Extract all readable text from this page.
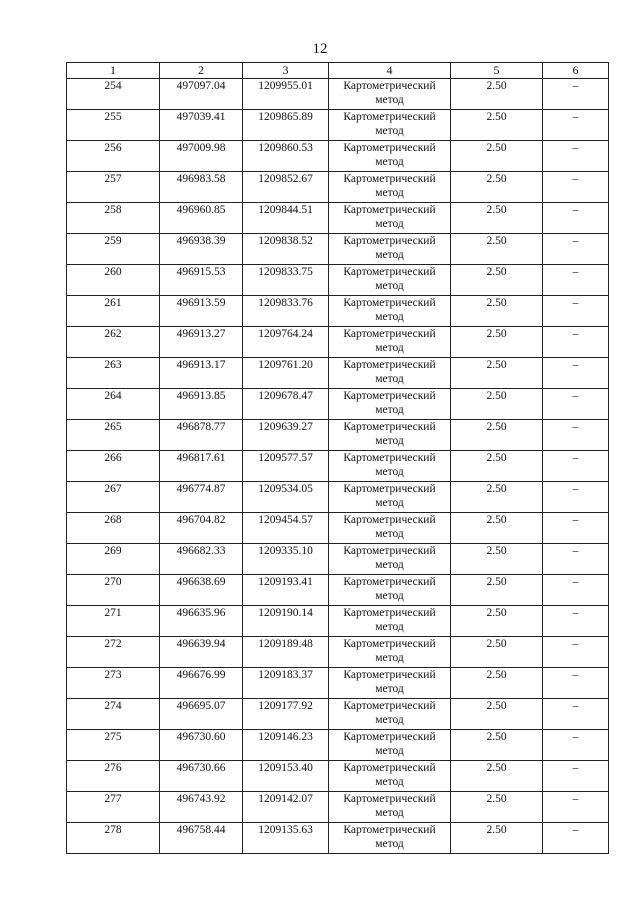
12
1	2	3	4	5	6
254	497097.04	1209955.01	Картометрический метод	2.50	–
255	497039.41	1209865.89	Картометрический метод	2.50	–
256	497009.98	1209860.53	Картометрический метод	2.50	–
257	496983.58	1209852.67	Картометрический метод	2.50	–
258	496960.85	1209844.51	Картометрический метод	2.50	–
259	496938.39	1209838.52	Картометрический метод	2.50	–
260	496915.53	1209833.75	Картометрический метод	2.50	–
261	496913.59	1209833.76	Картометрический метод	2.50	–
262	496913.27	1209764.24	Картометрический метод	2.50	–
263	496913.17	1209761.20	Картометрический метод	2.50	–
264	496913.85	1209678.47	Картометрический метод	2.50	–
265	496878.77	1209639.27	Картометрический метод	2.50	–
266	496817.61	1209577.57	Картометрический метод	2.50	–
267	496774.87	1209534.05	Картометрический метод	2.50	–
268	496704.82	1209454.57	Картометрический метод	2.50	–
269	496682.33	1209335.10	Картометрический метод	2.50	–
270	496638.69	1209193.41	Картометрический метод	2.50	–
271	496635.96	1209190.14	Картометрический метод	2.50	–
272	496639.94	1209189.48	Картометрический метод	2.50	–
273	496676.99	1209183.37	Картометрический метод	2.50	–
274	496695.07	1209177.92	Картометрический метод	2.50	–
275	496730.60	1209146.23	Картометрический метод	2.50	–
276	496730.66	1209153.40	Картометрический метод	2.50	–
277	496743.92	1209142.07	Картометрический метод	2.50	–
278	496758.44	1209135.63	Картометрический метод	2.50	–
